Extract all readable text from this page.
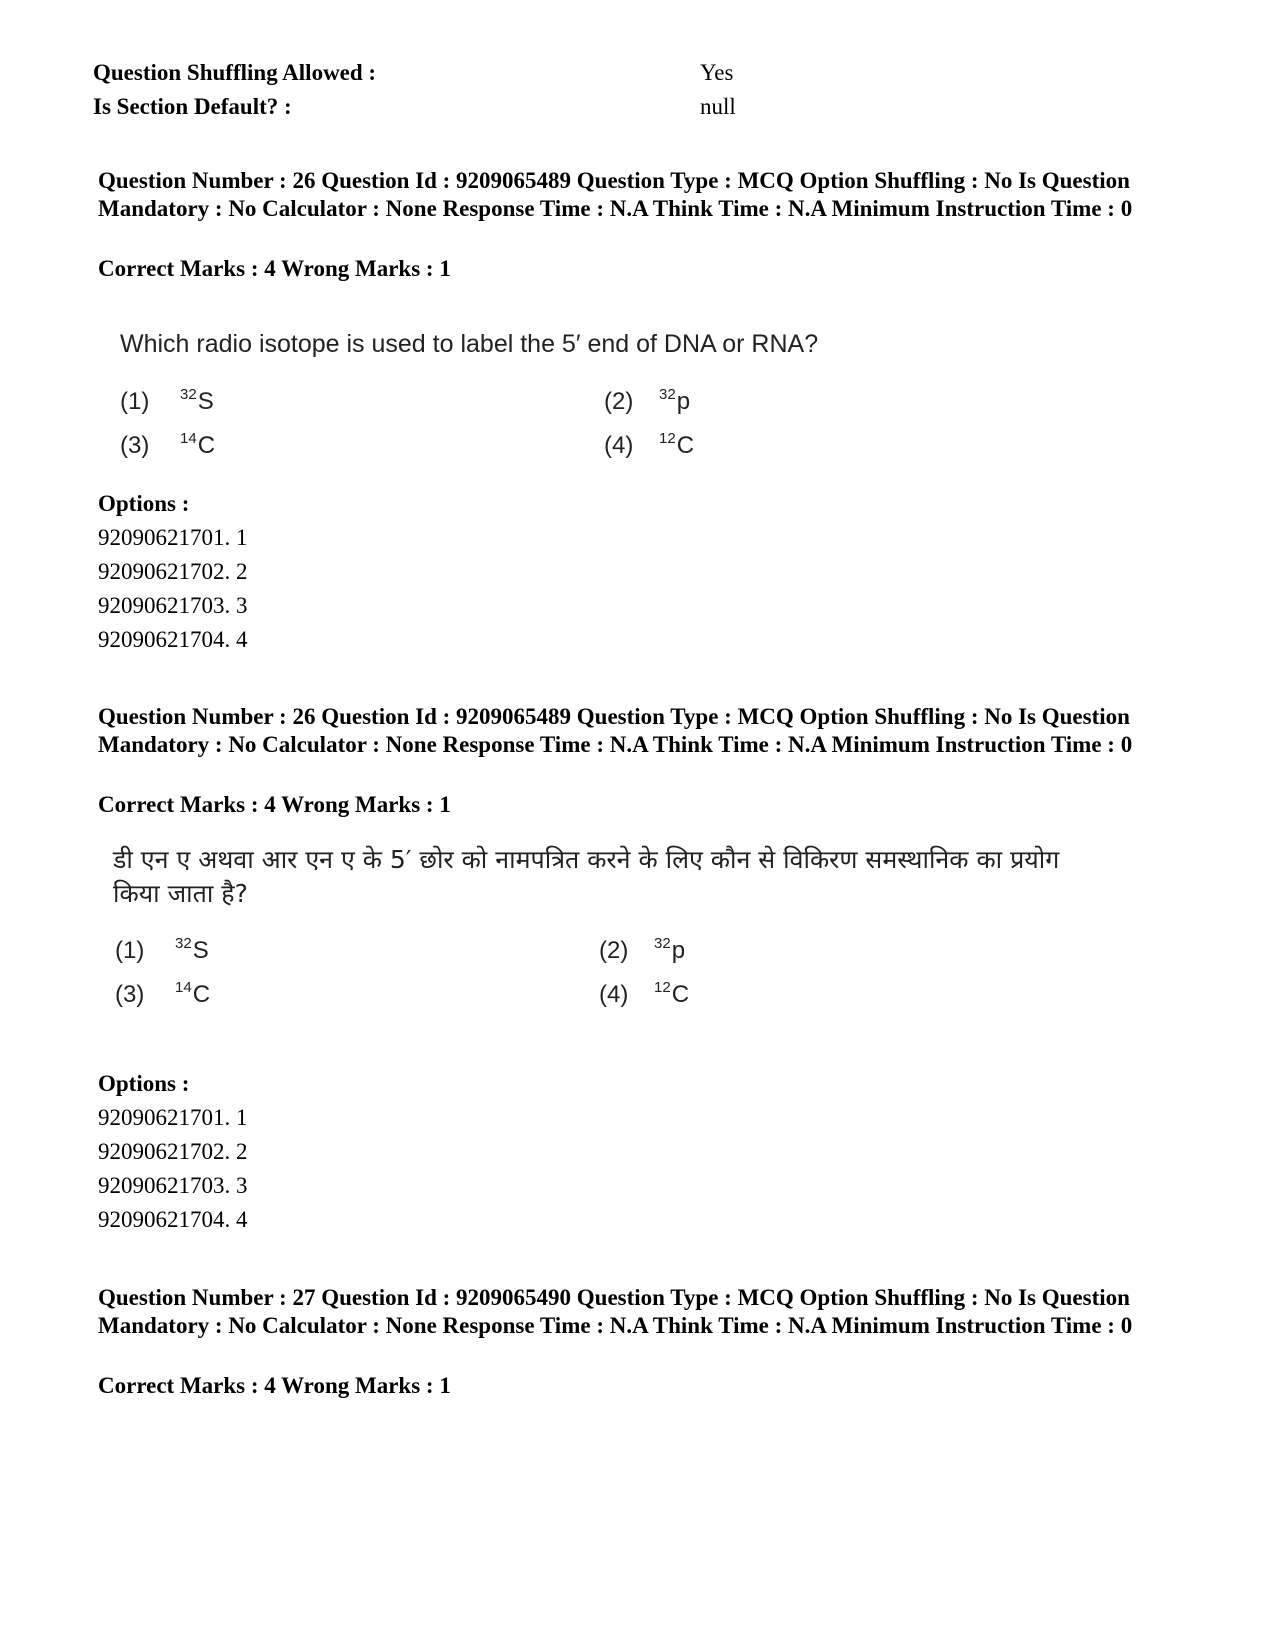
Question Shuffling Allowed :	Yes
Is Section Default? :	null
Question Number : 26 Question Id : 9209065489 Question Type : MCQ Option Shuffling : No Is Question Mandatory : No Calculator : None Response Time : N.A Think Time : N.A Minimum Instruction Time : 0
Correct Marks : 4 Wrong Marks : 1
Which radio isotope is used to label the 5′ end of DNA or RNA?
(1) $^{32}$S	(2) $^{32}$p
(3) $^{14}$C	(4) $^{12}$C
Options :
92090621701. 1
92090621702. 2
92090621703. 3
92090621704. 4
Question Number : 26 Question Id : 9209065489 Question Type : MCQ Option Shuffling : No Is Question Mandatory : No Calculator : None Response Time : N.A Think Time : N.A Minimum Instruction Time : 0
Correct Marks : 4 Wrong Marks : 1
डी एन ए अथवा आर एन ए के 5′ छोर को नामपत्रित करने के लिए कौन से विकिरण समस्थानिक का प्रयोग किया जाता है?
(1) $^{32}$S	(2) $^{32}$p
(3) $^{14}$C	(4) $^{12}$C
Options :
92090621701. 1
92090621702. 2
92090621703. 3
92090621704. 4
Question Number : 27 Question Id : 9209065490 Question Type : MCQ Option Shuffling : No Is Question Mandatory : No Calculator : None Response Time : N.A Think Time : N.A Minimum Instruction Time : 0
Correct Marks : 4 Wrong Marks : 1
